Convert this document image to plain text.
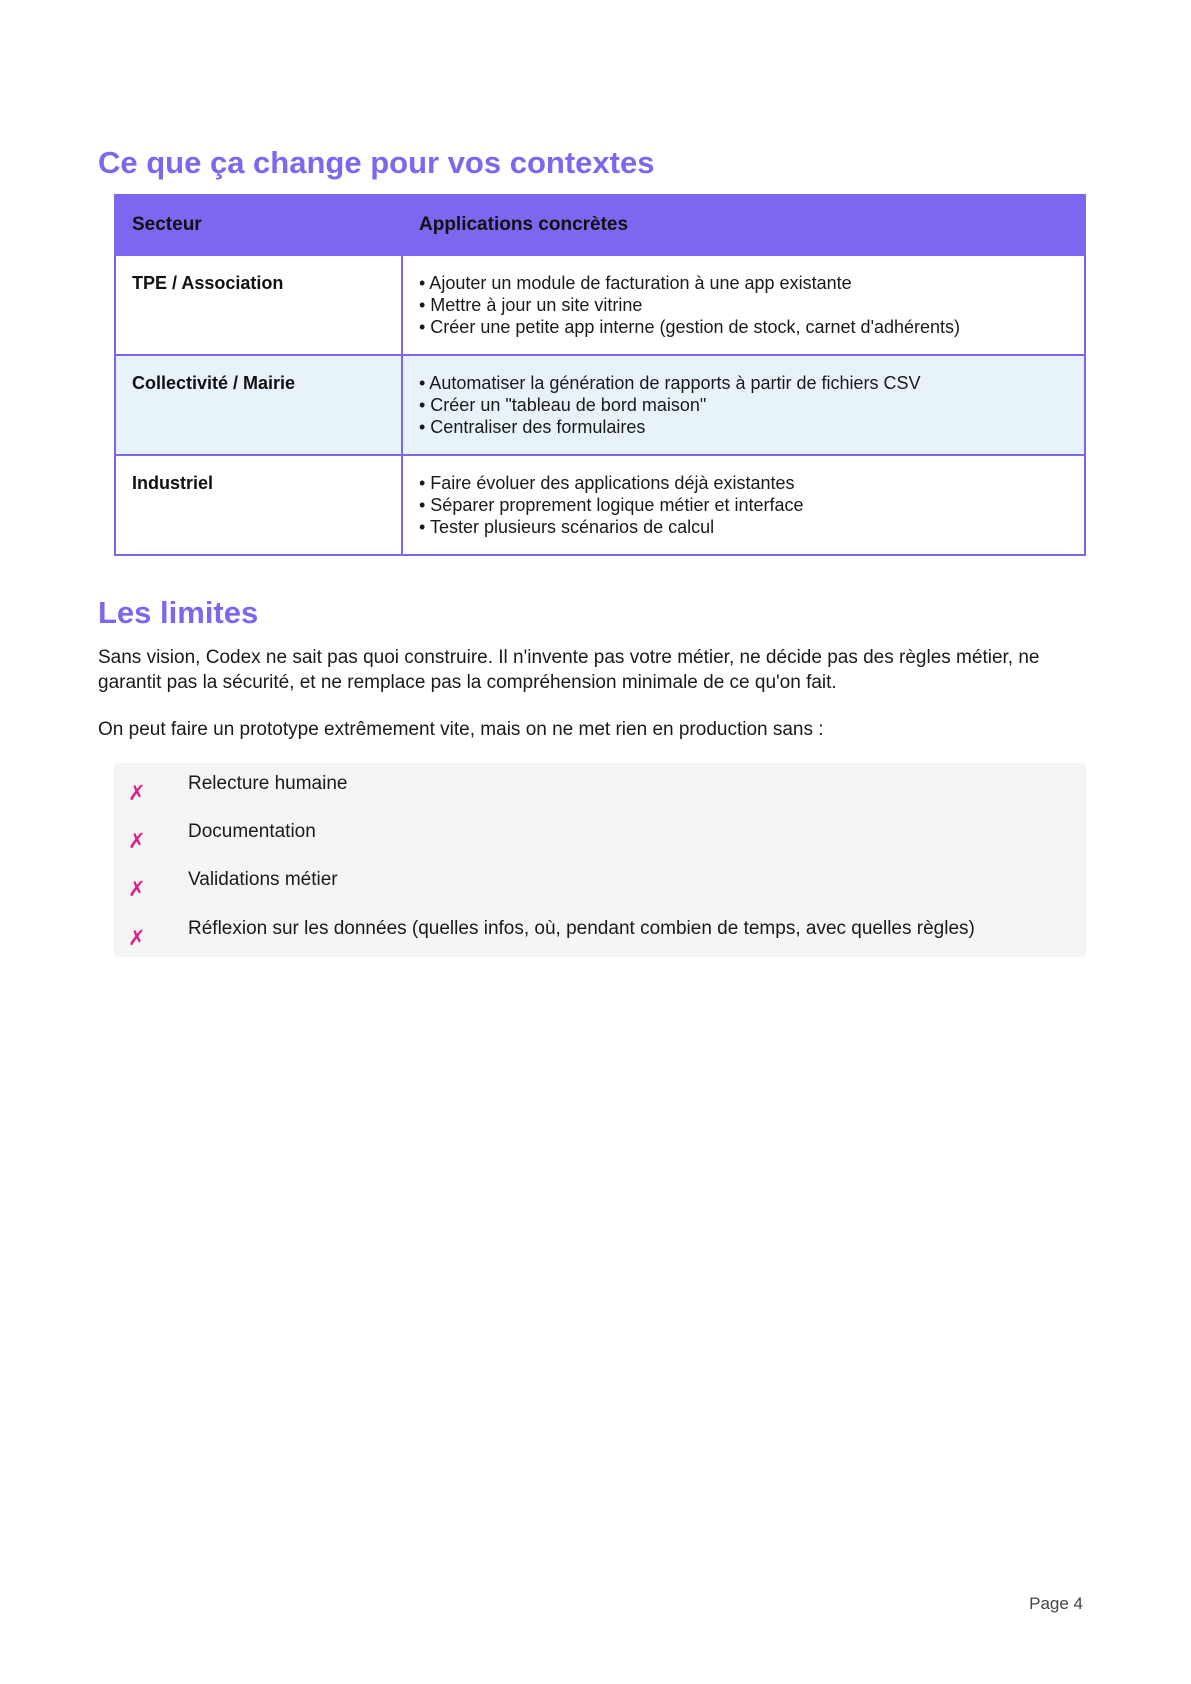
Ce que ça change pour vos contextes
Secteur	Applications concrètes
TPE / Association	• Ajouter un module de facturation à une app existante
• Mettre à jour un site vitrine
• Créer une petite app interne (gestion de stock, carnet d'adhérents)

Collectivité / Mairie	• Automatiser la génération de rapports à partir de fichiers CSV
• Créer un "tableau de bord maison"
• Centraliser des formulaires

Industriel	• Faire évoluer des applications déjà existantes
• Séparer proprement logique métier et interface
• Tester plusieurs scénarios de calcul
Les limites

Sans vision, Codex ne sait pas quoi construire. Il n'invente pas votre métier, ne décide pas des règles métier, ne garantit pas la sécurité, et ne remplace pas la compréhension minimale de ce qu'on fait.

On peut faire un prototype extrêmement vite, mais on ne met rien en production sans :

✗ Relecture humaine
✗ Documentation
✗ Validations métier
✗ Réflexion sur les données (quelles infos, où, pendant combien de temps, avec quelles règles)
Page 4
